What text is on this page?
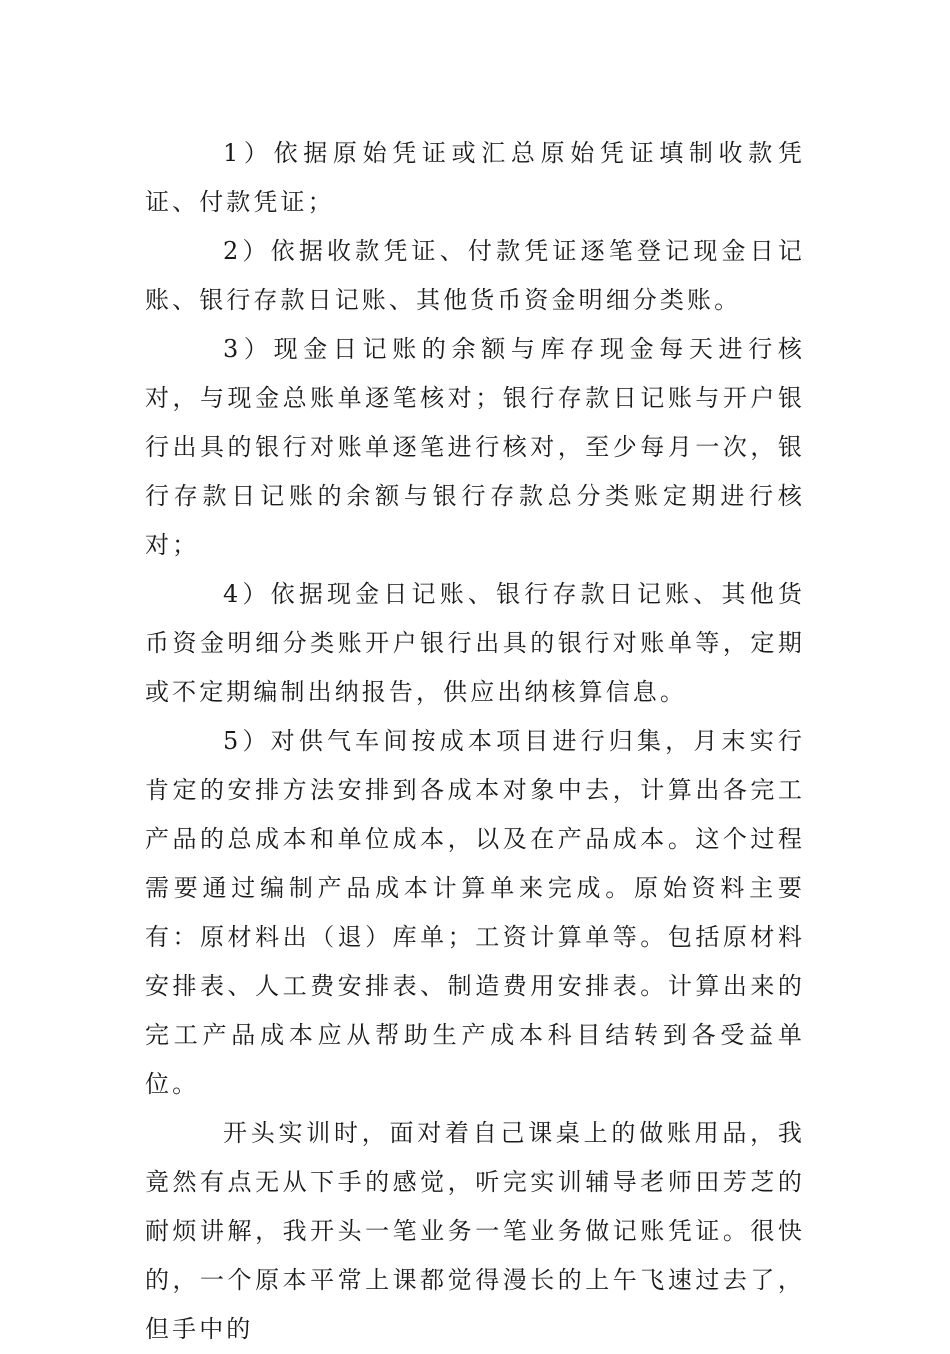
1）依据原始凭证或汇总原始凭证填制收款凭证、付款凭证；

2）依据收款凭证、付款凭证逐笔登记现金日记账、银行存款日记账、其他货币资金明细分类账。

3）现金日记账的余额与库存现金每天进行核对，与现金总账单逐笔核对；银行存款日记账与开户银行出具的银行对账单逐笔进行核对，至少每月一次，银行存款日记账的余额与银行存款总分类账定期进行核对；

4）依据现金日记账、银行存款日记账、其他货币资金明细分类账开户银行出具的银行对账单等，定期或不定期编制出纳报告，供应出纳核算信息。

5）对供气车间按成本项目进行归集，月末实行肯定的安排方法安排到各成本对象中去，计算出各完工产品的总成本和单位成本，以及在产品成本。这个过程需要通过编制产品成本计算单来完成。原始资料主要有：原材料出（退）库单；工资计算单等。包括原材料安排表、人工费安排表、制造费用安排表。计算出来的完工产品成本应从帮助生产成本科目结转到各受益单位。

开头实训时，面对着自己课桌上的做账用品，我竟然有点无从下手的感觉，听完实训辅导老师田芳芝的耐烦讲解，我开头一笔业务一笔业务做记账凭证。很快的，一个原本平常上课都觉得漫长的上午飞速过去了，但手中的
